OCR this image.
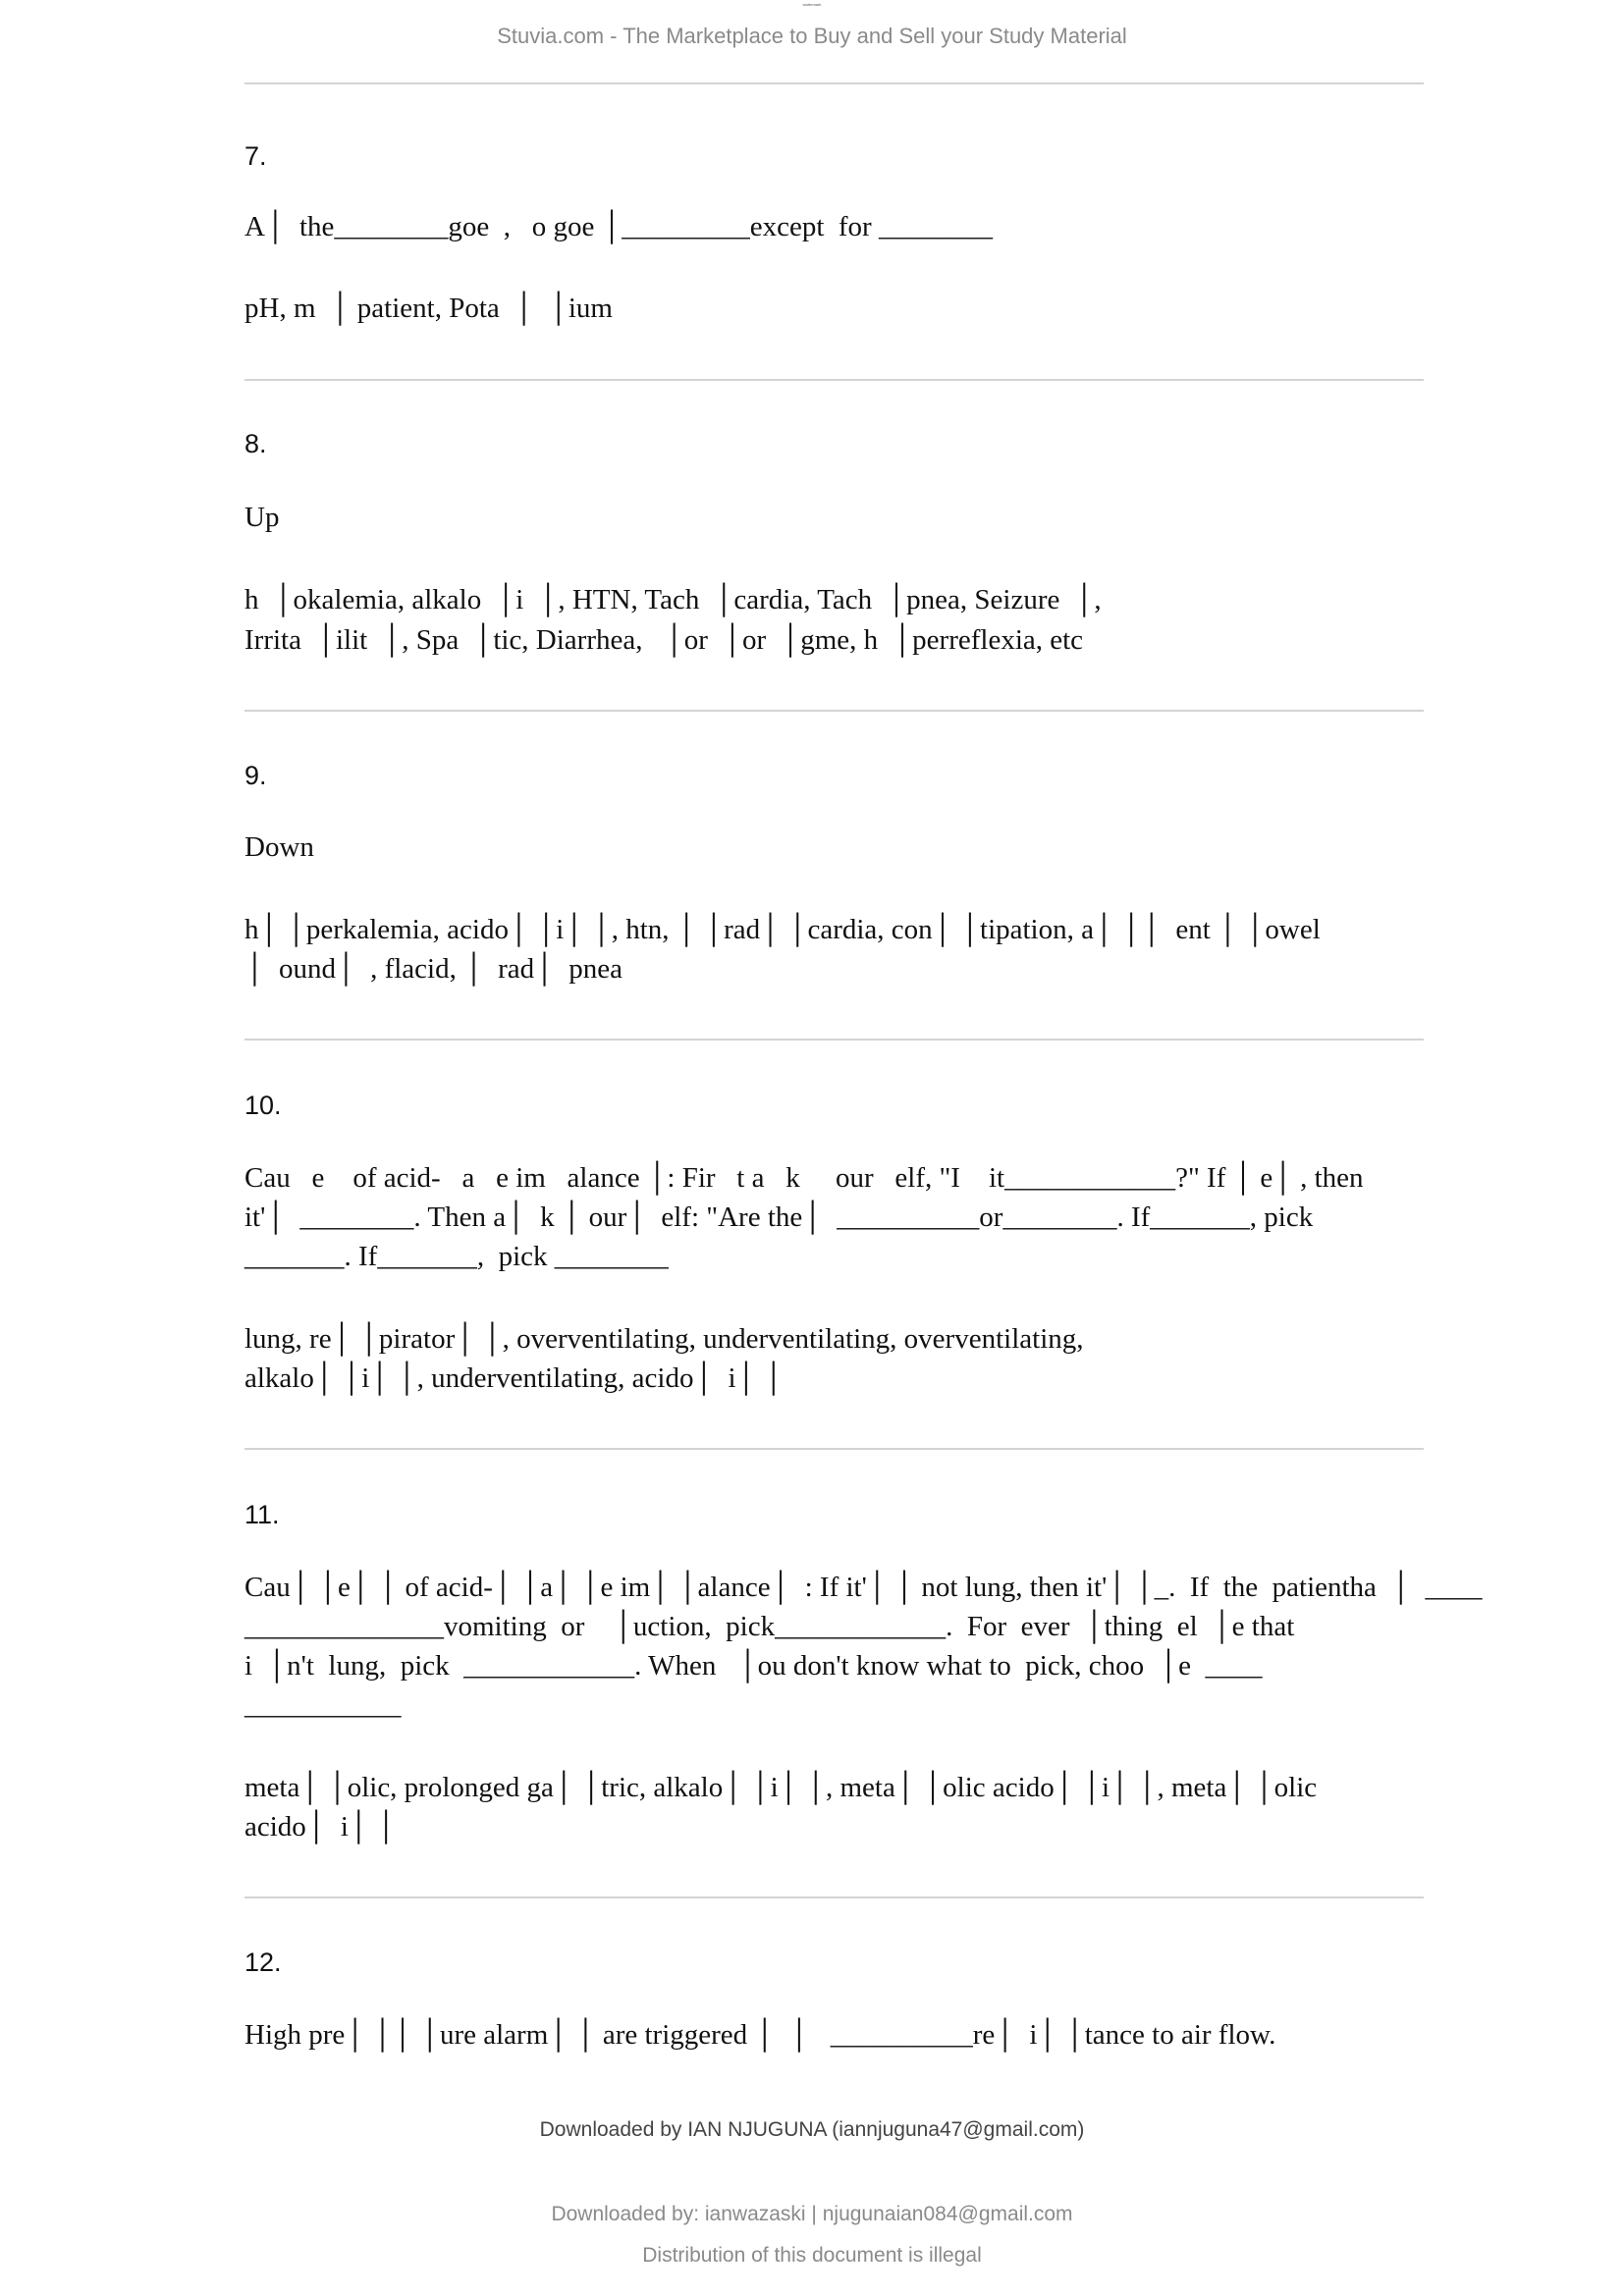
watermark
Stuvia.com - The Marketplace to Buy and Sell your Study Material
7.
A│  the________goe  ,   o goe │_________except  for ________
pH, m  │ patient, Pota  │  │ium
8.
Up
h  │okalemia, alkalo  │i  │, HTN, Tach  │cardia, Tach  │pnea, Seizure  │,
Irrita  │ilit  │, Spa  │tic, Diarrhea,   │or  │or  │gme, h  │perreflexia, etc
9.
Down
h│ │perkalemia, acido│ │i│ │, htn, │ │rad│ │cardia, con│ │tipation, a│ ││  ent │ │owel
│  ound│  , flacid, │  rad│  pnea
10.
Cau   e    of acid-   a   e im   alance │: Fir   t a   k     our   elf, "I    it____________?" If │ e│ , then
it'│  ________. Then a│  k │ our│  elf: "Are the│  __________or________. If_______, pick
_______. If_______,  pick ________
lung, re│ │pirator│ │, overventilating, underventilating, overventilating,
alkalo│ │i│ │, underventilating, acido│  i│ │
11.
Cau│ │e│ │ of acid-│ │a│ │e im│ │alance│  : If it'│ │ not lung, then it'│ │_.  If  the  patientha  │  ____
______________vomiting  or    │uction,  pick____________.  For  ever  │thing  el  │e that
i  │n't  lung,  pick  ____________. When   │ou don't know what to  pick, choo  │e  ____
___________
meta│ │olic, prolonged ga│ │tric, alkalo│ │i│ │, meta│ │olic acido│ │i│ │, meta│ │olic
acido│  i│ │
12.
High pre│ ││ │ure alarm│ │ are triggered │  │   __________re│  i│ │tance to air flow.
Downloaded by IAN NJUGUNA (iannjuguna47@gmail.com)
Downloaded by: ianwazaski | njugunaian084@gmail.com
Distribution of this document is illegal
